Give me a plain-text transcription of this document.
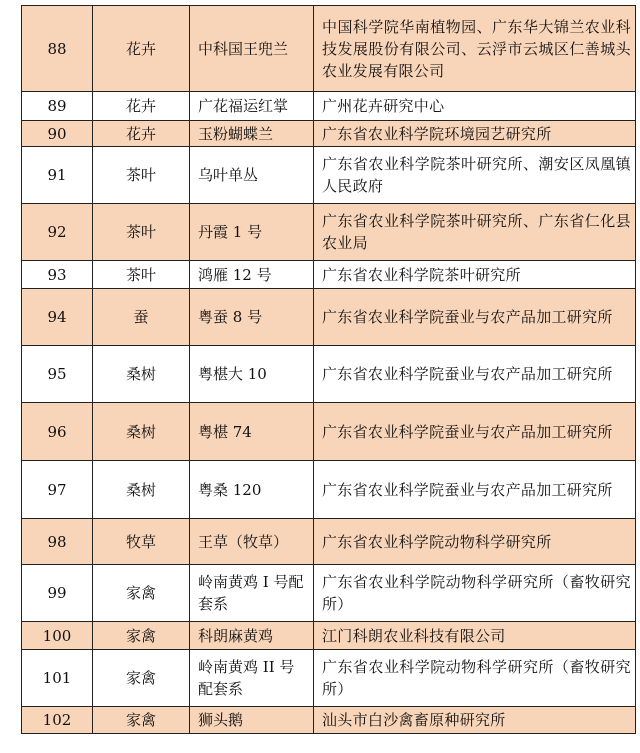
88	花卉	中科国王兜兰	中国科学院华南植物园、广东华大锦兰农业科技发展股份有限公司、云浮市云城区仁善城头农业发展有限公司
89	花卉	广花福运红掌	广州花卉研究中心
90	花卉	玉粉蝴蝶兰	广东省农业科学院环境园艺研究所
91	茶叶	乌叶单丛	广东省农业科学院茶叶研究所、潮安区凤凰镇人民政府
92	茶叶	丹霞 1 号	广东省农业科学院茶叶研究所、广东省仁化县农业局
93	茶叶	鸿雁 12 号	广东省农业科学院茶叶研究所
94	蚕	粤蚕 8 号	广东省农业科学院蚕业与农产品加工研究所
95	桑树	粤椹大 10	广东省农业科学院蚕业与农产品加工研究所
96	桑树	粤椹 74	广东省农业科学院蚕业与农产品加工研究所
97	桑树	粤桑 120	广东省农业科学院蚕业与农产品加工研究所
98	牧草	王草（牧草）	广东省农业科学院动物科学研究所
99	家禽	岭南黄鸡 I 号配套系	广东省农业科学院动物科学研究所（畜牧研究所）
100	家禽	科朗麻黄鸡	江门科朗农业科技有限公司
101	家禽	岭南黄鸡 II 号配套系	广东省农业科学院动物科学研究所（畜牧研究所）
102	家禽	狮头鹅	汕头市白沙禽畜原种研究所
